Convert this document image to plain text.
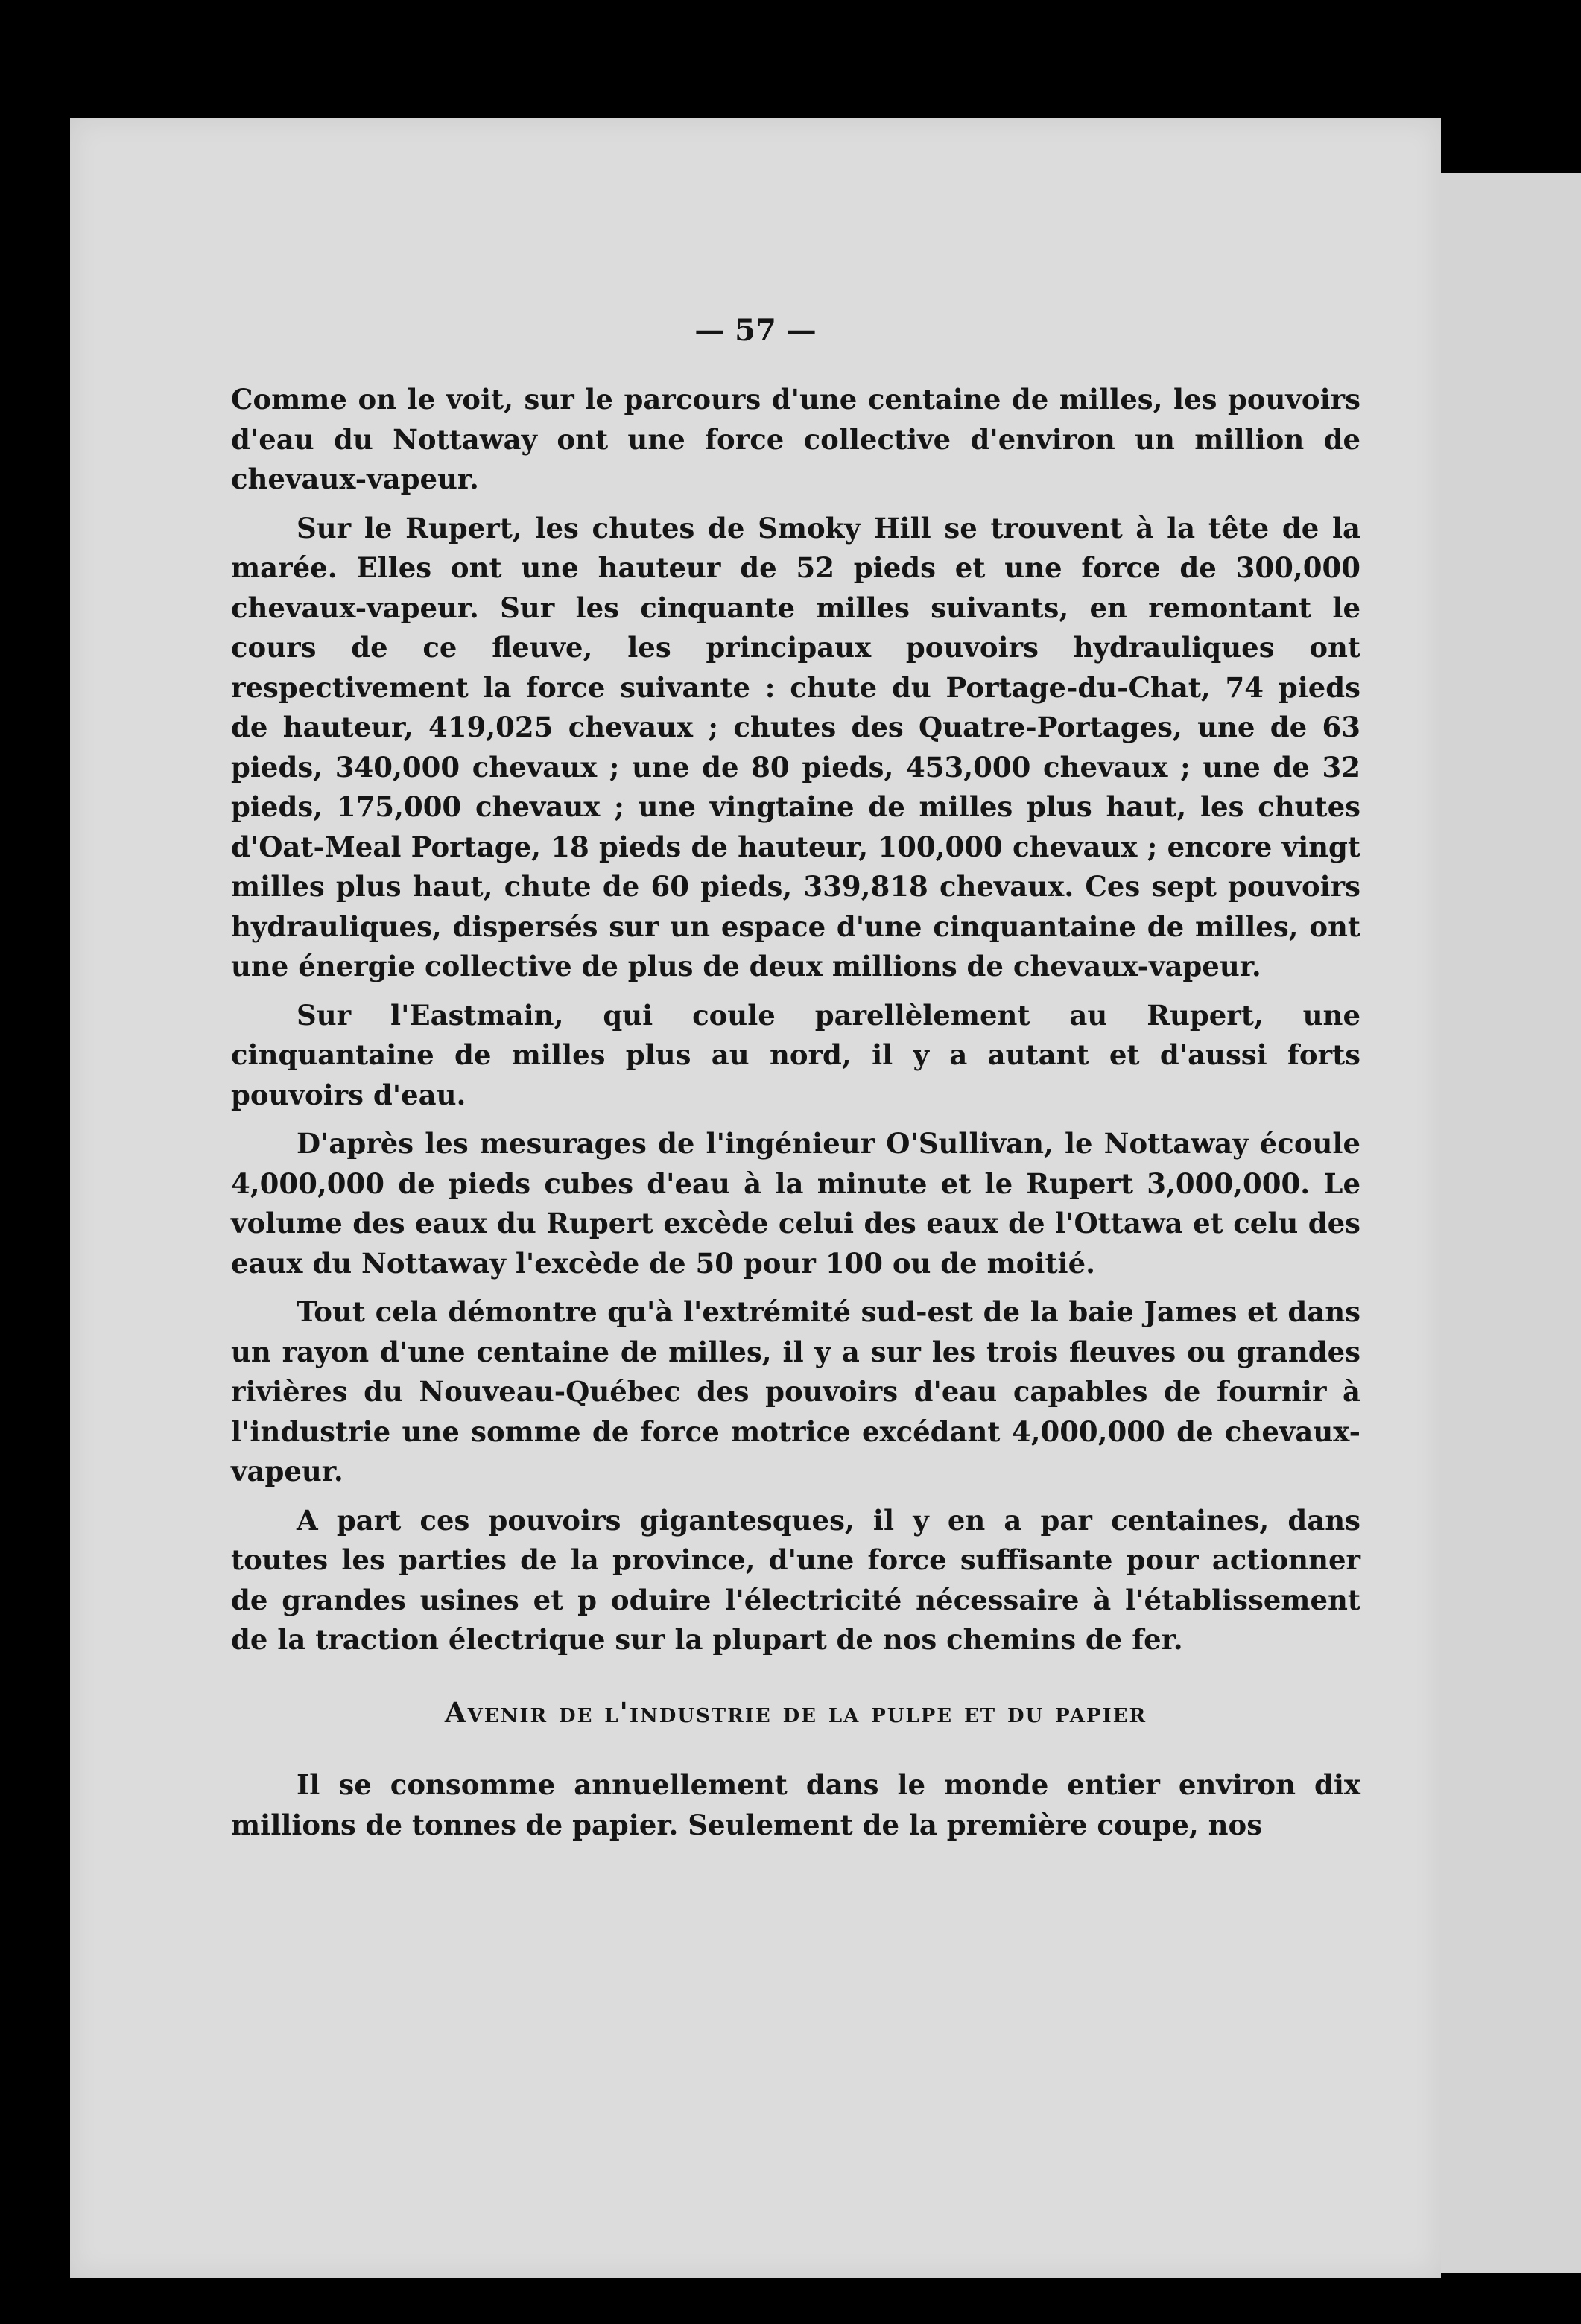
— 57 —

Comme on le voit, sur le parcours d'une centaine de milles, les pouvoirs d'eau du Nottaway ont une force collective d'environ un million de chevaux-vapeur.

Sur le Rupert, les chutes de Smoky Hill se trouvent à la tête de la marée. Elles ont une hauteur de 52 pieds et une force de 300,000 chevaux-vapeur. Sur les cinquante milles suivants, en remontant le cours de ce fleuve, les principaux pouvoirs hydrauliques ont respectivement la force suivante : chute du Portage-du-Chat, 74 pieds de hauteur, 419,025 chevaux ; chutes des Quatre-Portages, une de 63 pieds, 340,000 chevaux ; une de 80 pieds, 453,000 chevaux ; une de 32 pieds, 175,000 chevaux ; une vingtaine de milles plus haut, les chutes d'Oat-Meal Portage, 18 pieds de hauteur, 100,000 chevaux ; encore vingt milles plus haut, chute de 60 pieds, 339,818 chevaux. Ces sept pouvoirs hydrauliques, dispersés sur un espace d'une cinquantaine de milles, ont une énergie collective de plus de deux millions de chevaux-vapeur.

Sur l'Eastmain, qui coule parellèlement au Rupert, une cinquantaine de milles plus au nord, il y a autant et d'aussi forts pouvoirs d'eau.

D'après les mesurages de l'ingénieur O'Sullivan, le Nottaway écoule 4,000,000 de pieds cubes d'eau à la minute et le Rupert 3,000,000. Le volume des eaux du Rupert excède celui des eaux de l'Ottawa et celu des eaux du Nottaway l'excède de 50 pour 100 ou de moitié.

Tout cela démontre qu'à l'extrémité sud-est de la baie James et dans un rayon d'une centaine de milles, il y a sur les trois fleuves ou grandes rivières du Nouveau-Québec des pouvoirs d'eau capables de fournir à l'industrie une somme de force motrice excédant 4,000,000 de chevaux-vapeur.

A part ces pouvoirs gigantesques, il y en a par centaines, dans toutes les parties de la province, d'une force suffisante pour actionner de grandes usines et p oduire l'électricité nécessaire à l'établissement de la traction électrique sur la plupart de nos chemins de fer.

Avenir de l'industrie de la pulpe et du papier

Il se consomme annuellement dans le monde entier environ dix millions de tonnes de papier. Seulement de la première coupe, nos
